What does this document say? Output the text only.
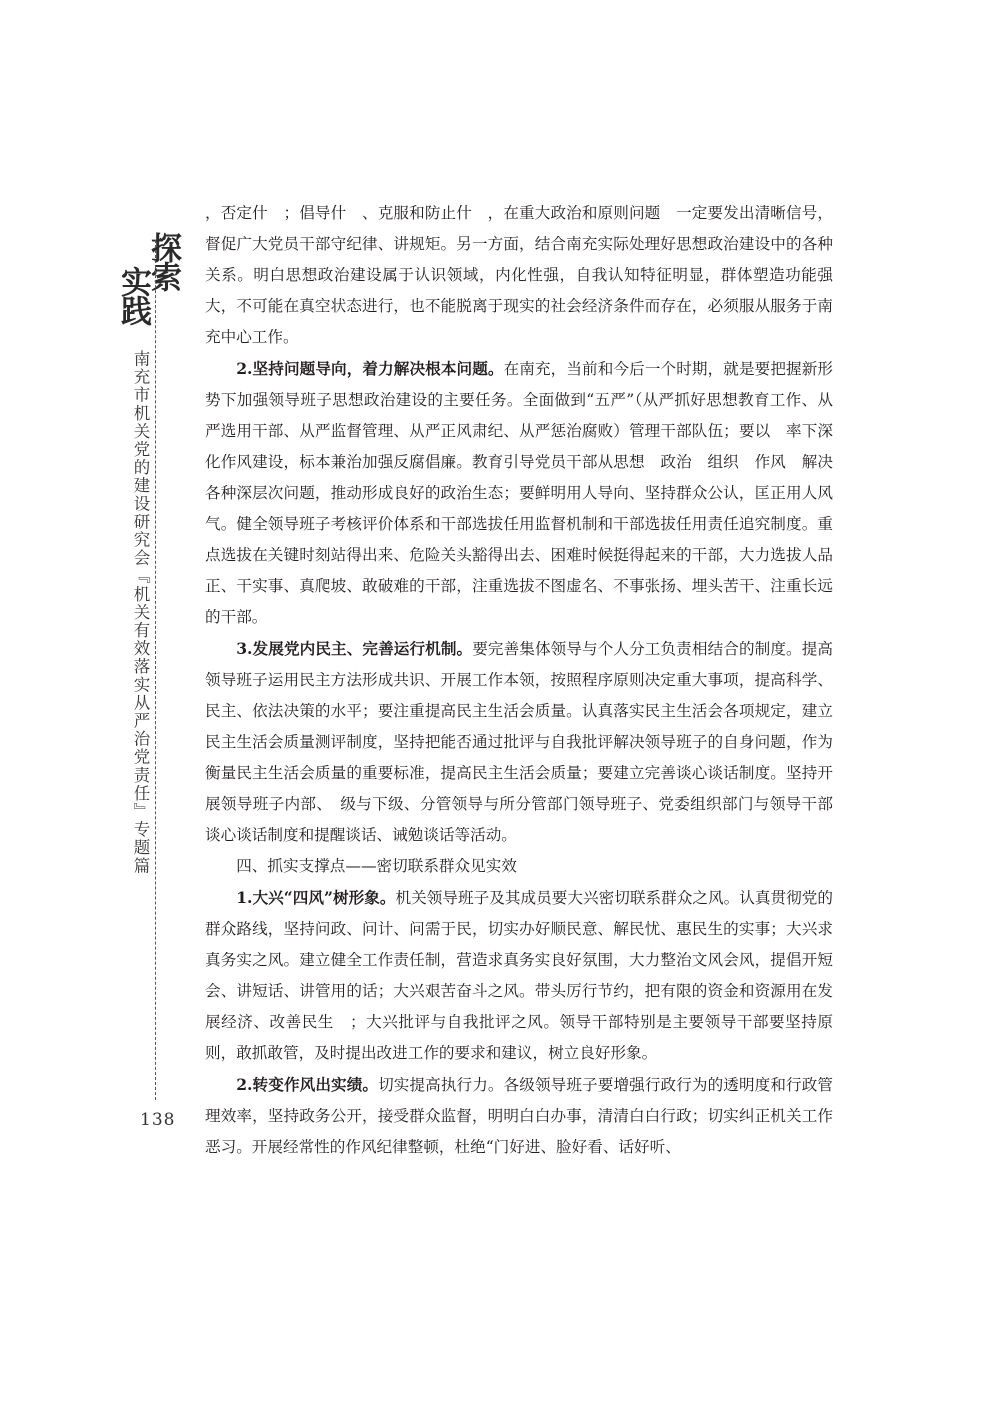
探索
实践
南充市机关党的建设研究会『机关有效落实从严治党责任』专题篇
138

，否定什　；倡导什　、克服和防止什　，在重大政治和原则问题　一定要发出清晰信号，督促广大党员干部守纪律、讲规矩。另一方面，结合南充实际处理好思想政治建设中的各种关系。明白思想政治建设属于认识领域，内化性强，自我认知特征明显，群体塑造功能强大，不可能在真空状态进行，也不能脱离于现实的社会经济条件而存在，必须服从服务于南充中心工作。

2.坚持问题导向，着力解决根本问题。在南充，当前和今后一个时期，就是要把握新形势下加强领导班子思想政治建设的主要任务。全面做到“五严”（从严抓好思想教育工作、从严选用干部、从严监督管理、从严正风肃纪、从严惩治腐败）管理干部队伍；要以　率下深化作风建设，标本兼治加强反腐倡廉。教育引导党员干部从思想　政治　组织　作风　解决各种深层次问题，推动形成良好的政治生态；要鲜明用人导向、坚持群众公认，匡正用人风气。健全领导班子考核评价体系和干部选拔任用监督机制和干部选拔任用责任追究制度。重点选拔在关键时刻站得出来、危险关头豁得出去、困难时候挺得起来的干部，大力选拔人品正、干实事、真爬坡、敢破难的干部，注重选拔不图虚名、不事张扬、埋头苦干、注重长远的干部。

3.发展党内民主、完善运行机制。要完善集体领导与个人分工负责相结合的制度。提高领导班子运用民主方法形成共识、开展工作本领，按照程序原则决定重大事项，提高科学、民主、依法决策的水平；要注重提高民主生活会质量。认真落实民主生活会各项规定，建立民主生活会质量测评制度，坚持把能否通过批评与自我批评解决领导班子的自身问题，作为衡量民主生活会质量的重要标准，提高民主生活会质量；要建立完善谈心谈话制度。坚持开展领导班子内部、　级与下级、分管领导与所分管部门领导班子、党委组织部门与领导干部谈心谈话制度和提醒谈话、诫勉谈话等活动。

四、抓实支撑点——密切联系群众见实效

1.大兴“四风”树形象。机关领导班子及其成员要大兴密切联系群众之风。认真贯彻党的群众路线，坚持问政、问计、问需于民，切实办好顺民意、解民忧、惠民生的实事；大兴求真务实之风。建立健全工作责任制，营造求真务实良好氛围，大力整治文风会风，提倡开短会、讲短话、讲管用的话；大兴艰苦奋斗之风。带头厉行节约，把有限的资金和资源用在发展经济、改善民生　；大兴批评与自我批评之风。领导干部特别是主要领导干部要坚持原则，敢抓敢管，及时提出改进工作的要求和建议，树立良好形象。

2.转变作风出实绩。切实提高执行力。各级领导班子要增强行政行为的透明度和行政管理效率，坚持政务公开，接受群众监督，明明白白办事，清清白白行政；切实纠正机关工作恶习。开展经常性的作风纪律整顿，杜绝“门好进、脸好看、话好听、
